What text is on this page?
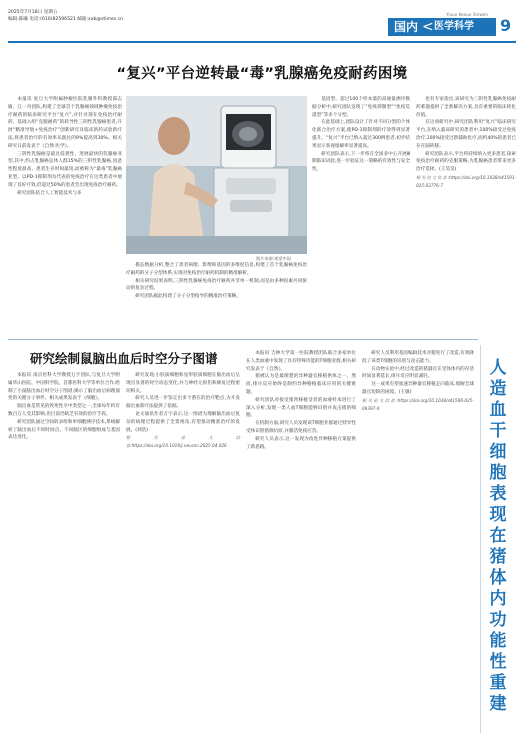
2025年7月18日 星期五
编辑:陈曦 电话:(010)82596521 邮箱:xxb@stimes.cn
国内 < 医学科学
Yixue Kexue Xinwen
9
“复兴”平台逆转最“毒”乳腺癌免疫耐药困境

本报讯 复旦大学附属肿瘤医院乳腺外科教授邵志敏、江一舟团队,构建了全球首个乳腺癌领域肿瘤免疫治疗耐药的临床研究平台“复兴”,并针对现在免疫治疗耐药、基础入组“克服耐药”的转导性三阴性乳腺癌患者,开展“精准导航+免疫治疗”创新研究及临床新药试验新疗法,将患者治疗的有效率从既往的9%提高到30%。相关研究日前发表于《自然·医学》。

三阴性乳腺癌是最具侵袭性、进展最快的乳腺癌亚型,其中,约占乳腺癌总体人群15%的三阴性乳腺癌,因恶性程度最高、患者生存时间最短,而被称为“最毒”乳腺癌亚型。以PD-1抑制剂为代表的免疫治疗在这类患者中展现了良好疗效,但超过50%的患者会出现免疫治疗耐药。

研究团队结合人工智能技术与多

图片来源:视觉中国

模态数据分析,整合了患者病理、影像和基因的多维度信息,构建了首个乳腺癌免疫治疗耐药的分子分型体系,实现对免疫治疗耐药机制的精准解析。

相关研究结果表明,三阴性乳腺癌免疫治疗耐药并非单一机制,而是由多种因素共同驱动的复杂过程。

研究团队据此构建了分子分型指导的精准治疗策略。

基因型、超过100个样本量的高通量测序数据分析中,研究团队发现了“免疫抑制型”“免疫荒漠型”等多个分型。

在此基础上,团队设计了针对不同分型的个体化联合治疗方案,使PD-1抑制剂的疗效得到显著提升。“复兴”平台已纳入超过300例患者,初步结果显示客观缓解率显著提高。

研究团队表示,下一步将在全国多中心开展Ⅲ期临床试验,进一步验证这一策略的有效性与安全性。

也有专家指出,该研究为三阴性乳腺癌免疫耐药难题提供了全新解决方案,具有重要的临床转化价值。

在这项研究中,研究团队利用“复兴”临床研究平台,在纳入临床研究的患者中,100%接受过免疫治疗,100%接受过新辅助化疗,而约40%的患者已存在脑转移。

研究团队表示,平台将持续纳入更多患者,探索免疫治疗耐药的克服策略,为乳腺癌患者带来更多治疗选择。(王昊昊)

相关论文信息:https://doi.org/10.1038/s41591-025-03776-7
研究绘制鼠脑出血后时空分子图谱

本报讯 南京医科大学教授万宇团队,与复旦大学附属华山医院、中国科学院、首都医科大学等单位合作,绘制了小鼠脑出血后时空分子图谱,揭示了脑出血后病理演变的关键分子事件。相关成果发表于《细胞》。

脑出血是常见的致死性卒中类型之一,全球每年约有数百万人受其影响,但目前仍缺乏有效的治疗手段。

研究团队通过空间转录组和单细胞测序技术,系统解析了脑出血后不同时间点、不同脑区的细胞组成与基因表达变化。

研究发现,小胶质细胞和星形胶质细胞在脑出血后呈现出显著的时空动态变化,并与神经元损伤和修复过程密切相关。

研究人员进一步鉴定出多个潜在的治疗靶点,为开发脑出血新疗法提供了依据。

论文通讯作者万宇表示,这一图谱为理解脑出血后复杂的病理过程提供了全景视角,有望推动精准治疗的发展。(刘浩)

相关论文信息:https://doi.org/10.1016/j.neuron.2025.04.026

本报讯 吉林大学第一医院教授团队联合多家单位在人类血液中发现了具有特殊功能的T细胞亚群,相关研究发表于《自然》。

猪被认为是最理想的异种器官移植供体之一。然而,排斥反应始终是制约异种移植临床应用的关键难题。

研究团队对接受猪肾移植受者的血液样本进行了深入分析,发现一类人血T细胞能够识别并攻击猪的细胞。

在机制方面,研究人员发现该T细胞亚群通过特异性受体识别猪源抗原,并激活免疫应答。

研究人员表示,这一发现为改进异种移植方案提供了新思路。

研究人员利用基因编辑技术对猪进行了改造,有效降低了该类T细胞的识别与攻击能力。

在动物实验中,经过改造的猪器官在受体体内的存活时间显著延长,排斥反应明显减轻。

这一成果有望加速异种器官移植走向临床,缓解全球器官短缺的困境。(王敏)

相关论文信息:https://doi.org/10.1038/s41586-025-09397-6
人造血干细胞表现在猪体内功能性重建
